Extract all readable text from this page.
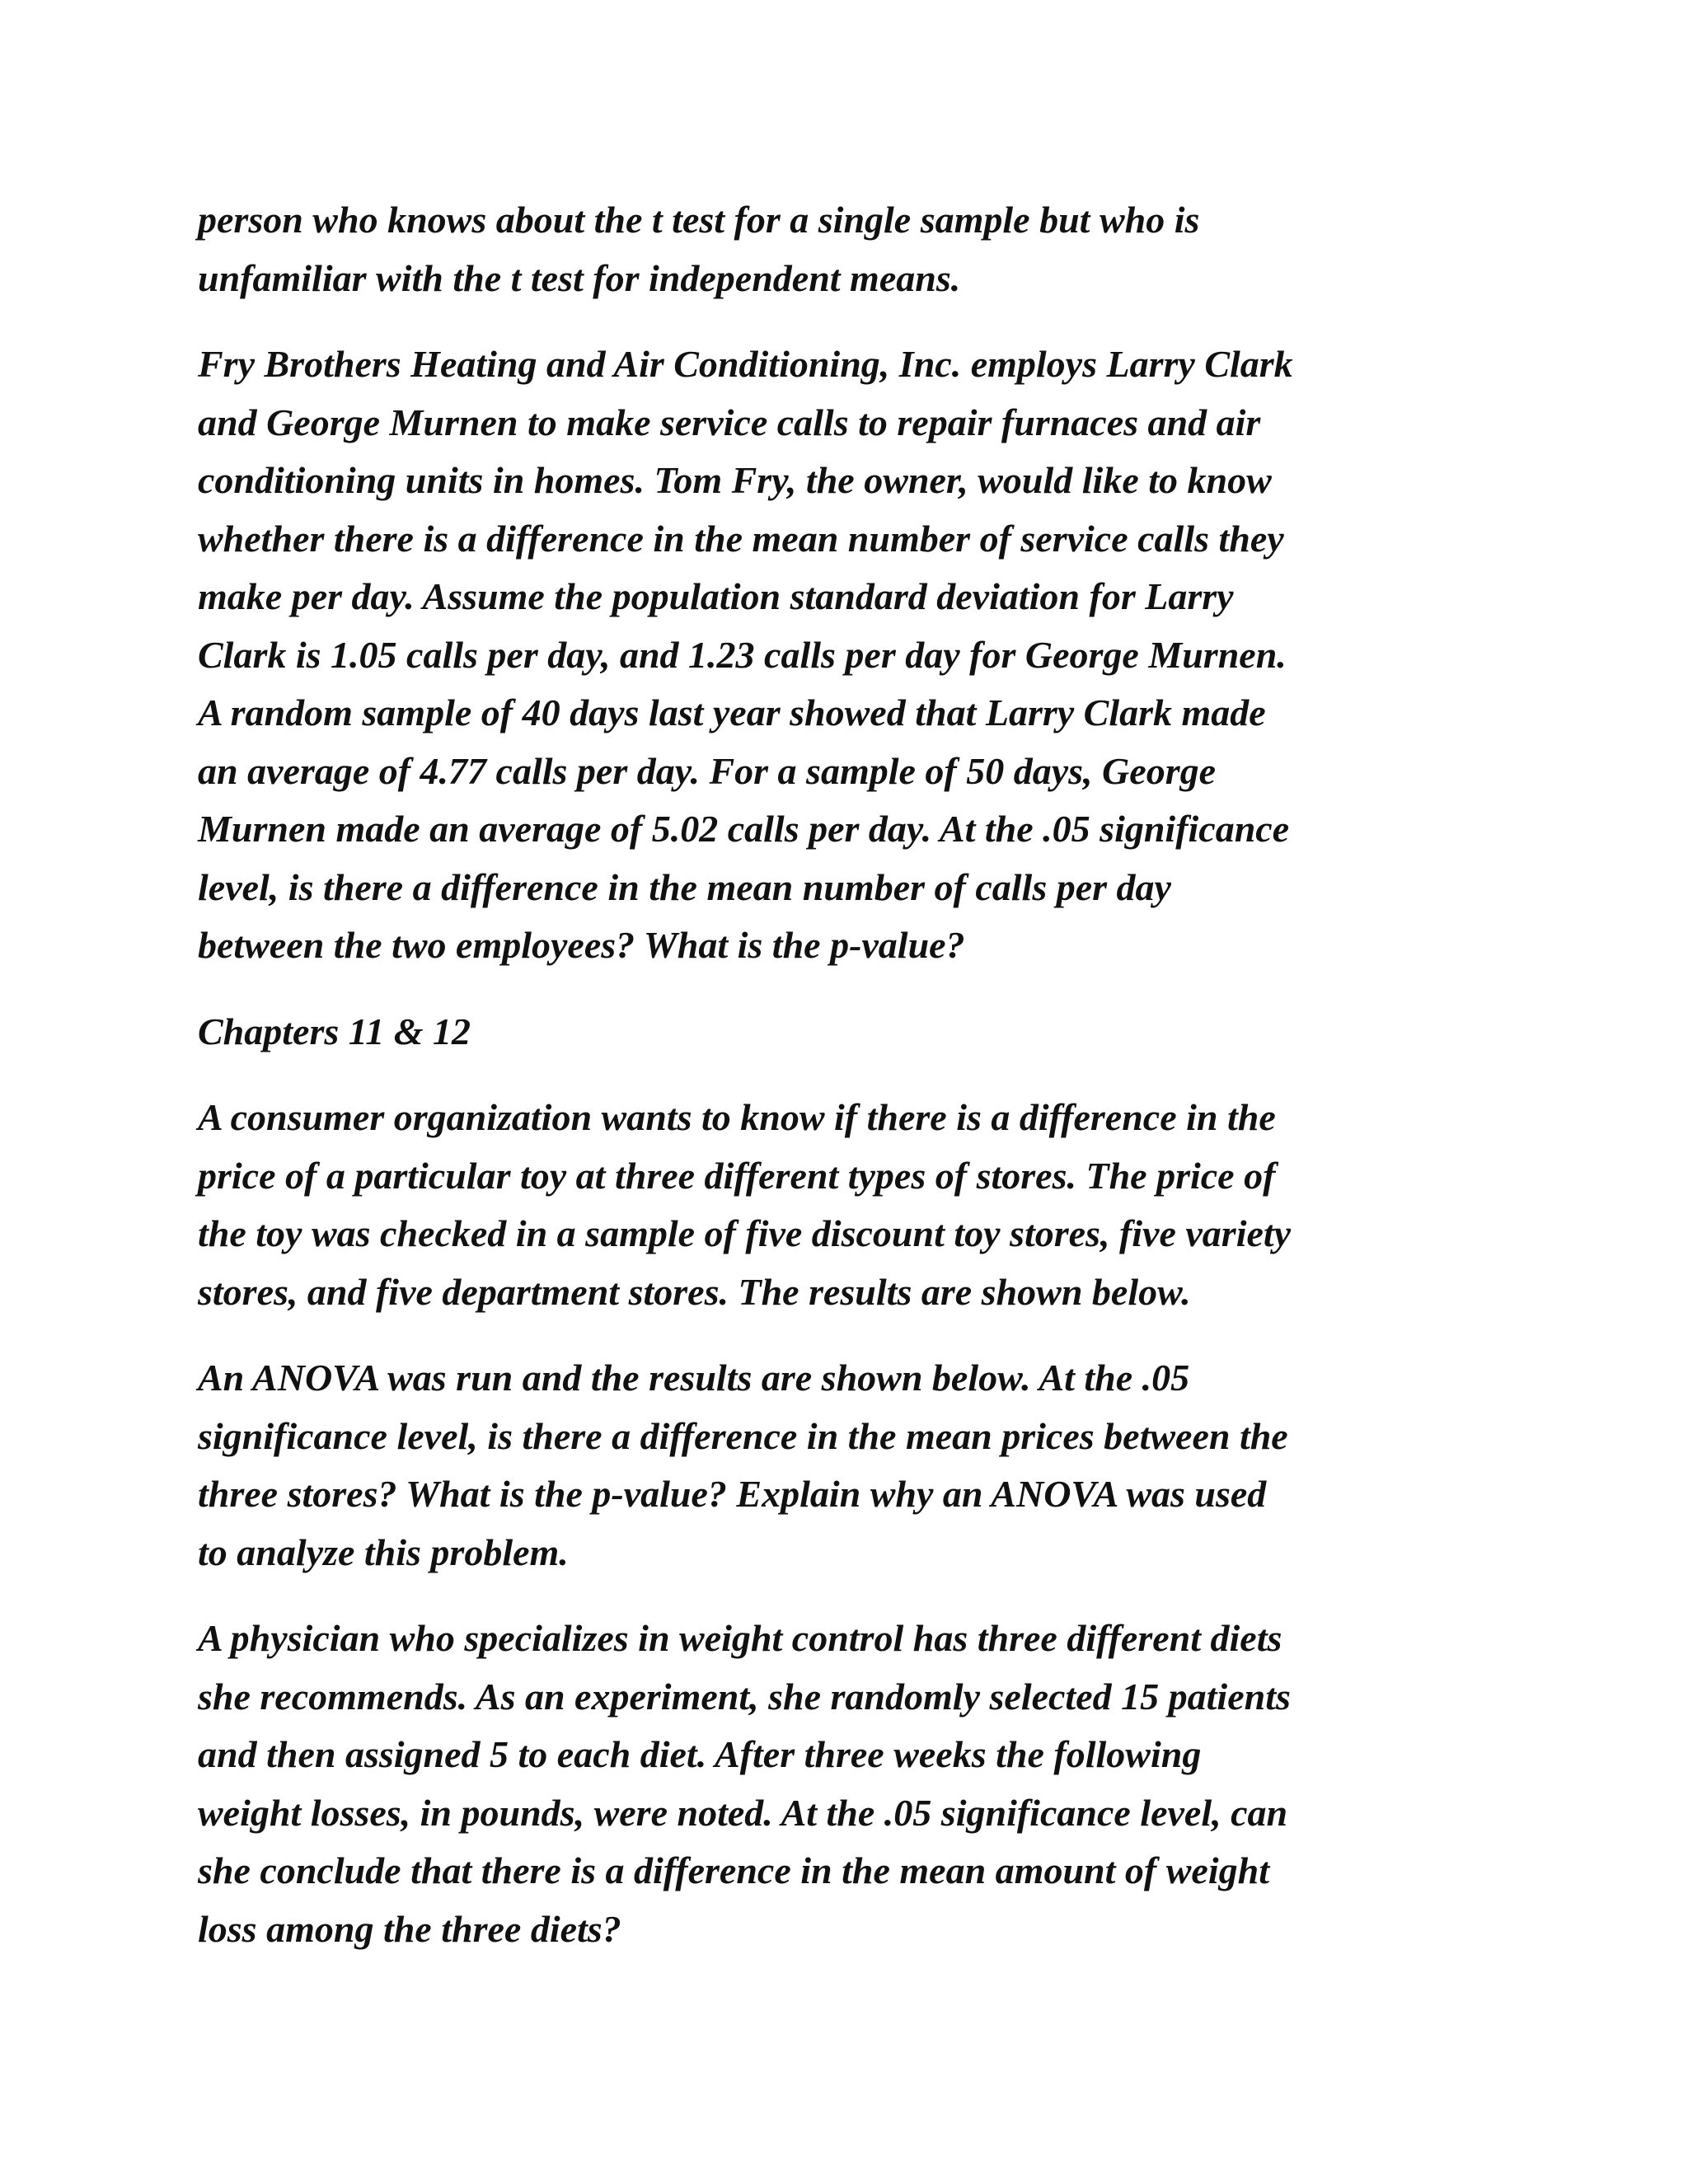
person who knows about the t test for a single sample but who is
unfamiliar with the t test for independent means.

Fry Brothers Heating and Air Conditioning, Inc. employs Larry Clark
and George Murnen to make service calls to repair furnaces and air
conditioning units in homes. Tom Fry, the owner, would like to know
whether there is a difference in the mean number of service calls they
make per day. Assume the population standard deviation for Larry
Clark is 1.05 calls per day, and 1.23 calls per day for George Murnen.
A random sample of 40 days last year showed that Larry Clark made
an average of 4.77 calls per day. For a sample of 50 days, George
Murnen made an average of 5.02 calls per day. At the .05 significance
level, is there a difference in the mean number of calls per day
between the two employees? What is the p-value?

Chapters 11 & 12

A consumer organization wants to know if there is a difference in the
price of a particular toy at three different types of stores. The price of
the toy was checked in a sample of five discount toy stores, five variety
stores, and five department stores. The results are shown below.

An ANOVA was run and the results are shown below. At the .05
significance level, is there a difference in the mean prices between the
three stores? What is the p-value? Explain why an ANOVA was used
to analyze this problem.

A physician who specializes in weight control has three different diets
she recommends. As an experiment, she randomly selected 15 patients
and then assigned 5 to each diet. After three weeks the following
weight losses, in pounds, were noted. At the .05 significance level, can
she conclude that there is a difference in the mean amount of weight
loss among the three diets?
